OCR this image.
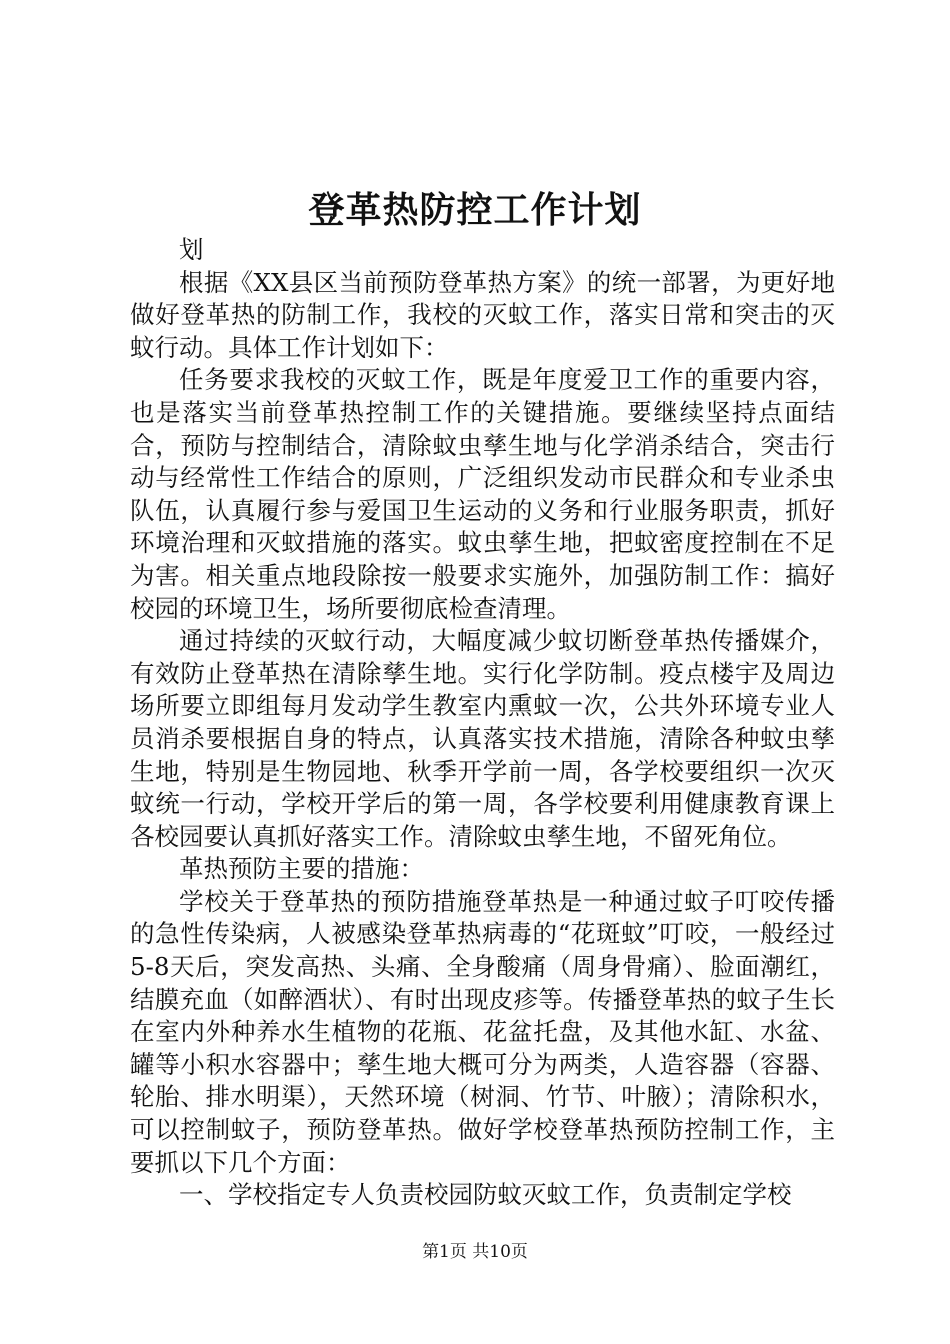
登革热防控工作计划

划

根据《XX县区当前预防登革热方案》的统一部署，为更好地做好登革热的防制工作，我校的灭蚊工作，落实日常和突击的灭蚊行动。具体工作计划如下：

任务要求我校的灭蚊工作，既是年度爱卫工作的重要内容，也是落实当前登革热控制工作的关键措施。要继续坚持点面结合，预防与控制结合，清除蚊虫孳生地与化学消杀结合，突击行动与经常性工作结合的原则，广泛组织发动市民群众和专业杀虫队伍，认真履行参与爱国卫生运动的义务和行业服务职责，抓好环境治理和灭蚊措施的落实。蚊虫孳生地，把蚊密度控制在不足为害。相关重点地段除按一般要求实施外，加强防制工作：搞好校园的环境卫生，场所要彻底检查清理。

通过持续的灭蚊行动，大幅度减少蚊切断登革热传播媒介，有效防止登革热在清除孳生地。实行化学防制。疫点楼宇及周边场所要立即组每月发动学生教室内熏蚊一次，公共外环境专业人员消杀要根据自身的特点，认真落实技术措施，清除各种蚊虫孳生地，特别是生物园地、秋季开学前一周，各学校要组织一次灭蚊统一行动，学校开学后的第一周，各学校要利用健康教育课上各校园要认真抓好落实工作。清除蚊虫孳生地，不留死角位。

革热预防主要的措施：

学校关于登革热的预防措施登革热是一种通过蚊子叮咬传播的急性传染病，人被感染登革热病毒的“花斑蚊”叮咬，一般经过5-8天后，突发高热、头痛、全身酸痛（周身骨痛）、脸面潮红，结膜充血（如醉酒状）、有时出现皮疹等。传播登革热的蚊子生长在室内外种养水生植物的花瓶、花盆托盘，及其他水缸、水盆、罐等小积水容器中；孳生地大概可分为两类，人造容器（容器、轮胎、排水明渠），天然环境（树洞、竹节、叶腋）；清除积水，可以控制蚊子，预防登革热。做好学校登革热预防控制工作，主要抓以下几个方面：

一、学校指定专人负责校园防蚊灭蚊工作，负责制定学校

第1页 共10页
